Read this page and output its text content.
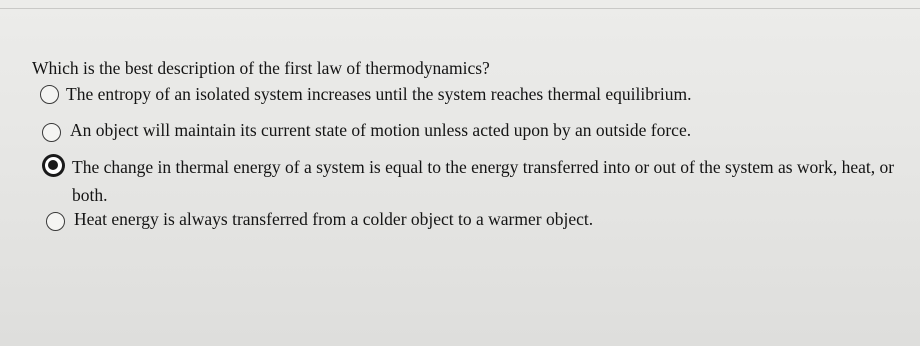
Which is the best description of the first law of thermodynamics?
The entropy of an isolated system increases until the system reaches thermal equilibrium.
An object will maintain its current state of motion unless acted upon by an outside force.
The change in thermal energy of a system is equal to the energy transferred into or out of the system as work, heat, or both.
Heat energy is always transferred from a colder object to a warmer object.
